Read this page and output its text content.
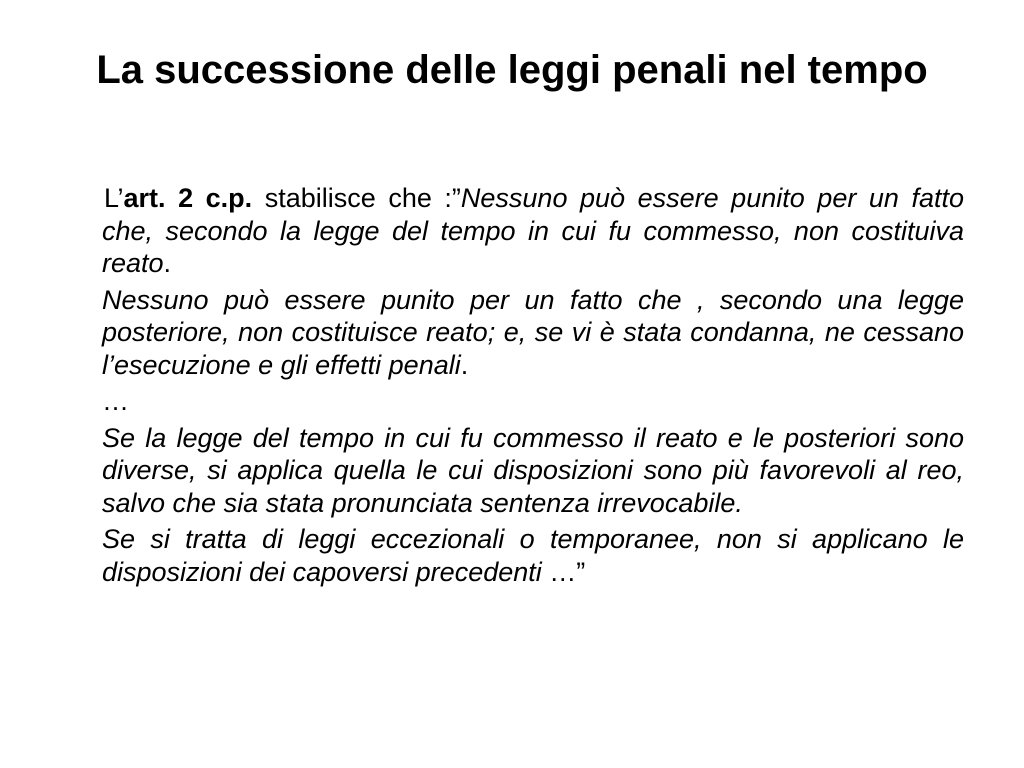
La successione delle leggi penali nel tempo

L’art. 2 c.p. stabilisce che :”Nessuno può essere punito per un fatto che, secondo la legge del tempo in cui fu commesso, non costituiva reato.

Nessuno può essere punito per un fatto che , secondo una legge posteriore, non costituisce reato; e, se vi è stata condanna, ne cessano l’esecuzione e gli effetti penali.

…

Se la legge del tempo in cui fu commesso il reato e le posteriori sono diverse, si applica quella le cui disposizioni sono più favorevoli al reo, salvo che sia stata pronunciata sentenza irrevocabile.

Se si tratta di leggi eccezionali o temporanee, non si applicano le disposizioni dei capoversi precedenti …”
